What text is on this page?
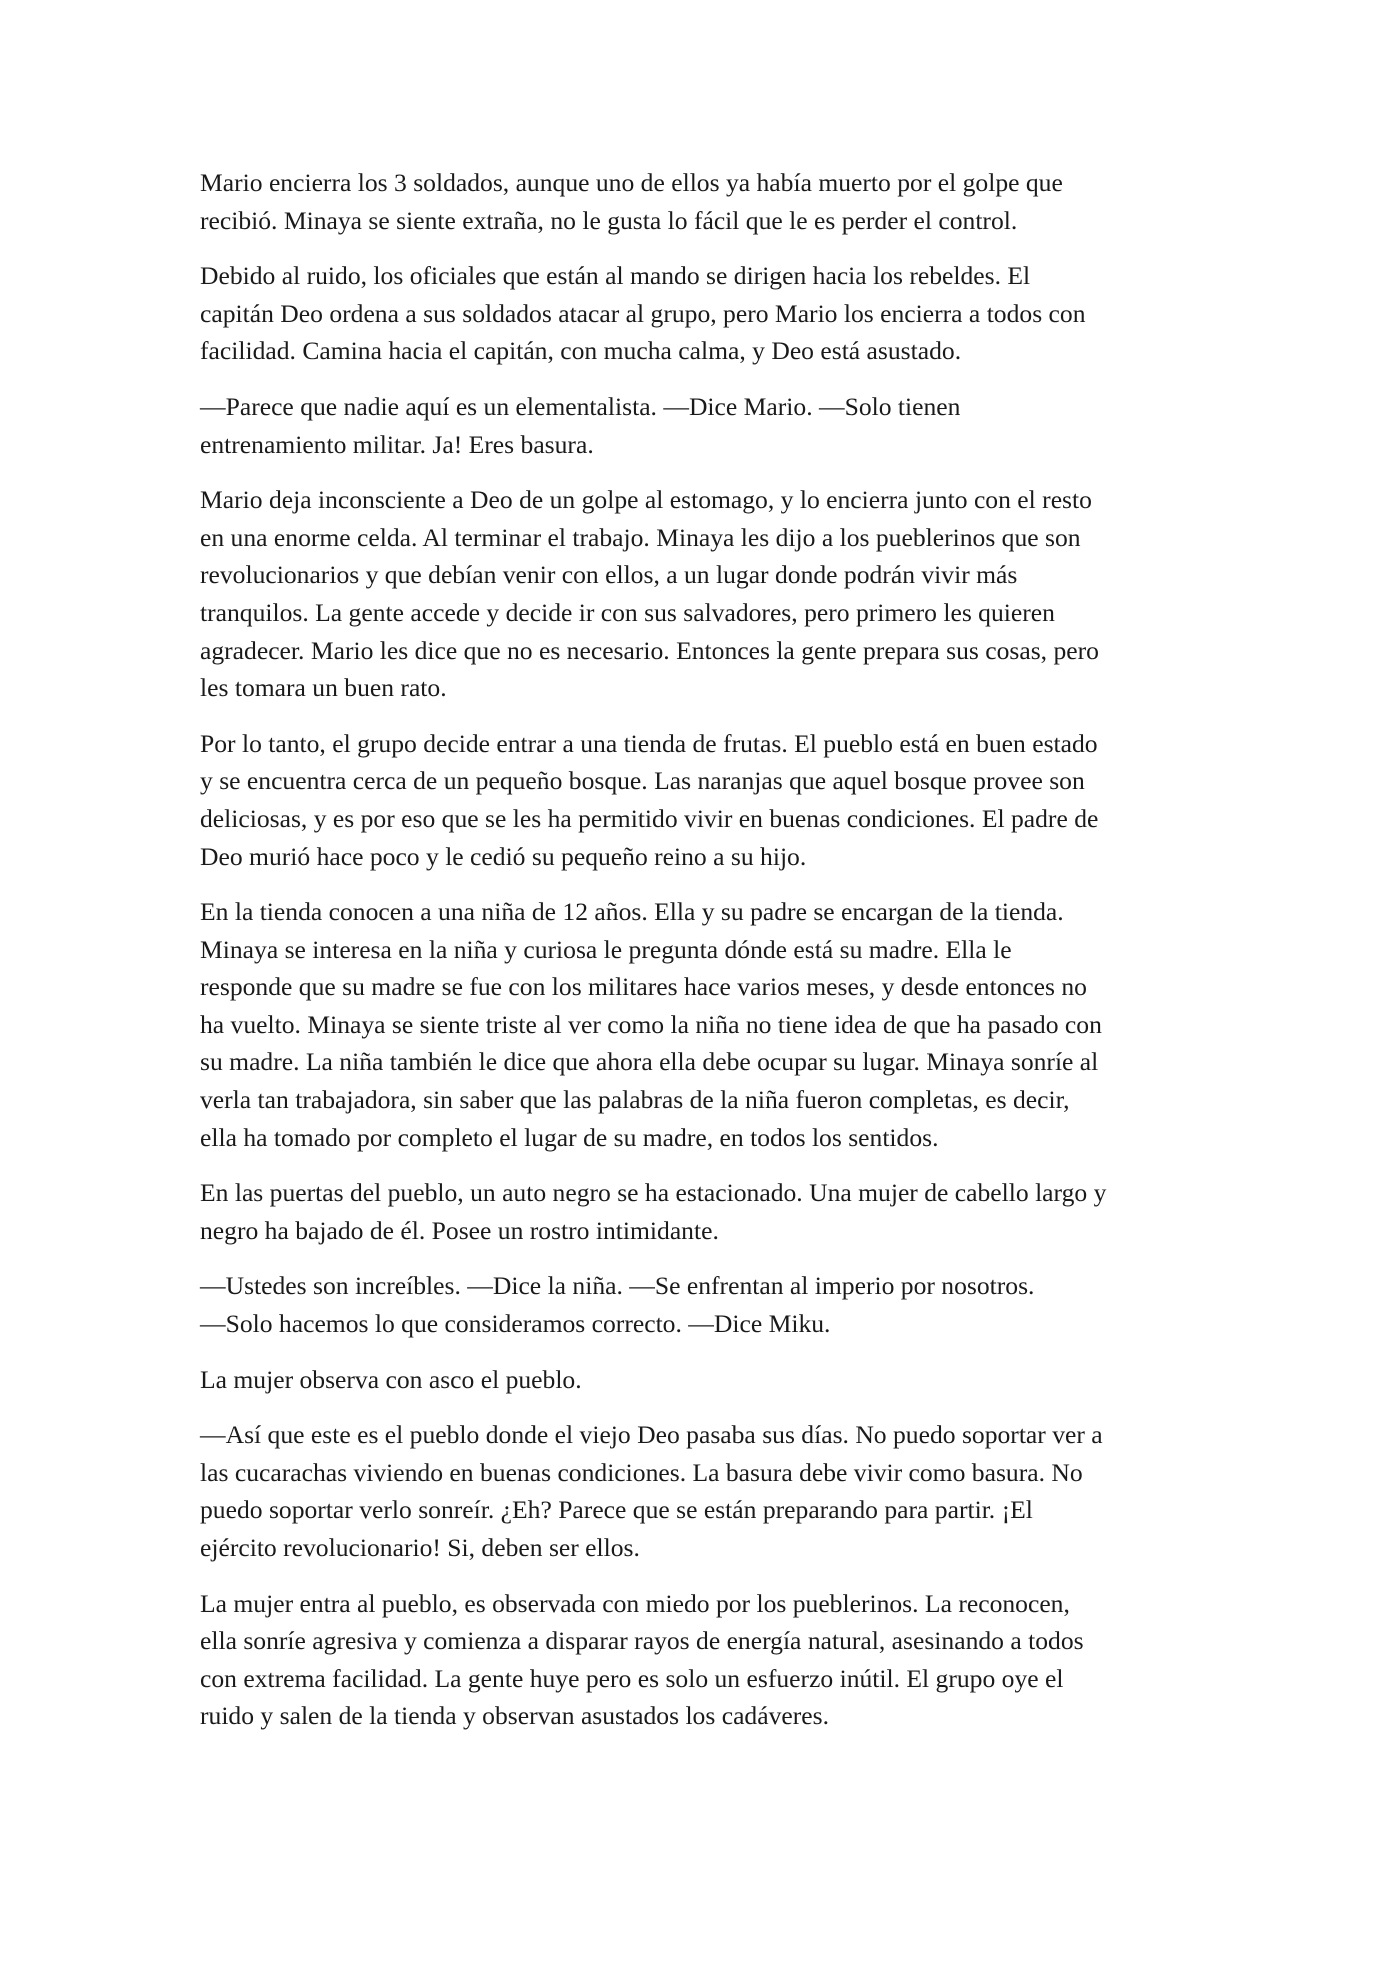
Mario encierra los 3 soldados, aunque uno de ellos ya había muerto por el golpe que
recibió. Minaya se siente extraña, no le gusta lo fácil que le es perder el control.

Debido al ruido, los oficiales que están al mando se dirigen hacia los rebeldes. El
capitán Deo ordena a sus soldados atacar al grupo, pero Mario los encierra a todos con
facilidad. Camina hacia el capitán, con mucha calma, y Deo está asustado.

—Parece que nadie aquí es un elementalista. —Dice Mario. —Solo tienen
entrenamiento militar. Ja! Eres basura.

Mario deja inconsciente a Deo de un golpe al estomago, y lo encierra junto con el resto
en una enorme celda. Al terminar el trabajo. Minaya les dijo a los pueblerinos que son
revolucionarios y que debían venir con ellos, a un lugar donde podrán vivir más
tranquilos. La gente accede y decide ir con sus salvadores, pero primero les quieren
agradecer. Mario les dice que no es necesario. Entonces la gente prepara sus cosas, pero
les tomara un buen rato.

Por lo tanto, el grupo decide entrar a una tienda de frutas. El pueblo está en buen estado
y se encuentra cerca de un pequeño bosque. Las naranjas que aquel bosque provee son
deliciosas, y es por eso que se les ha permitido vivir en buenas condiciones. El padre de
Deo murió hace poco y le cedió su pequeño reino a su hijo.

En la tienda conocen a una niña de 12 años. Ella y su padre se encargan de la tienda.
Minaya se interesa en la niña y curiosa le pregunta dónde está su madre. Ella le
responde que su madre se fue con los militares hace varios meses, y desde entonces no
ha vuelto. Minaya se siente triste al ver como la niña no tiene idea de que ha pasado con
su madre. La niña también le dice que ahora ella debe ocupar su lugar. Minaya sonríe al
verla tan trabajadora, sin saber que las palabras de la niña fueron completas, es decir,
ella ha tomado por completo el lugar de su madre, en todos los sentidos.

En las puertas del pueblo, un auto negro se ha estacionado. Una mujer de cabello largo y
negro ha bajado de él. Posee un rostro intimidante.

—Ustedes son increíbles. —Dice la niña. —Se enfrentan al imperio por nosotros.
—Solo hacemos lo que consideramos correcto. —Dice Miku.

La mujer observa con asco el pueblo.

—Así que este es el pueblo donde el viejo Deo pasaba sus días. No puedo soportar ver a
las cucarachas viviendo en buenas condiciones. La basura debe vivir como basura. No
puedo soportar verlo sonreír. ¿Eh? Parece que se están preparando para partir. ¡El
ejército revolucionario! Si, deben ser ellos.

La mujer entra al pueblo, es observada con miedo por los pueblerinos. La reconocen,
ella sonríe agresiva y comienza a disparar rayos de energía natural, asesinando a todos
con extrema facilidad. La gente huye pero es solo un esfuerzo inútil. El grupo oye el
ruido y salen de la tienda y observan asustados los cadáveres.
